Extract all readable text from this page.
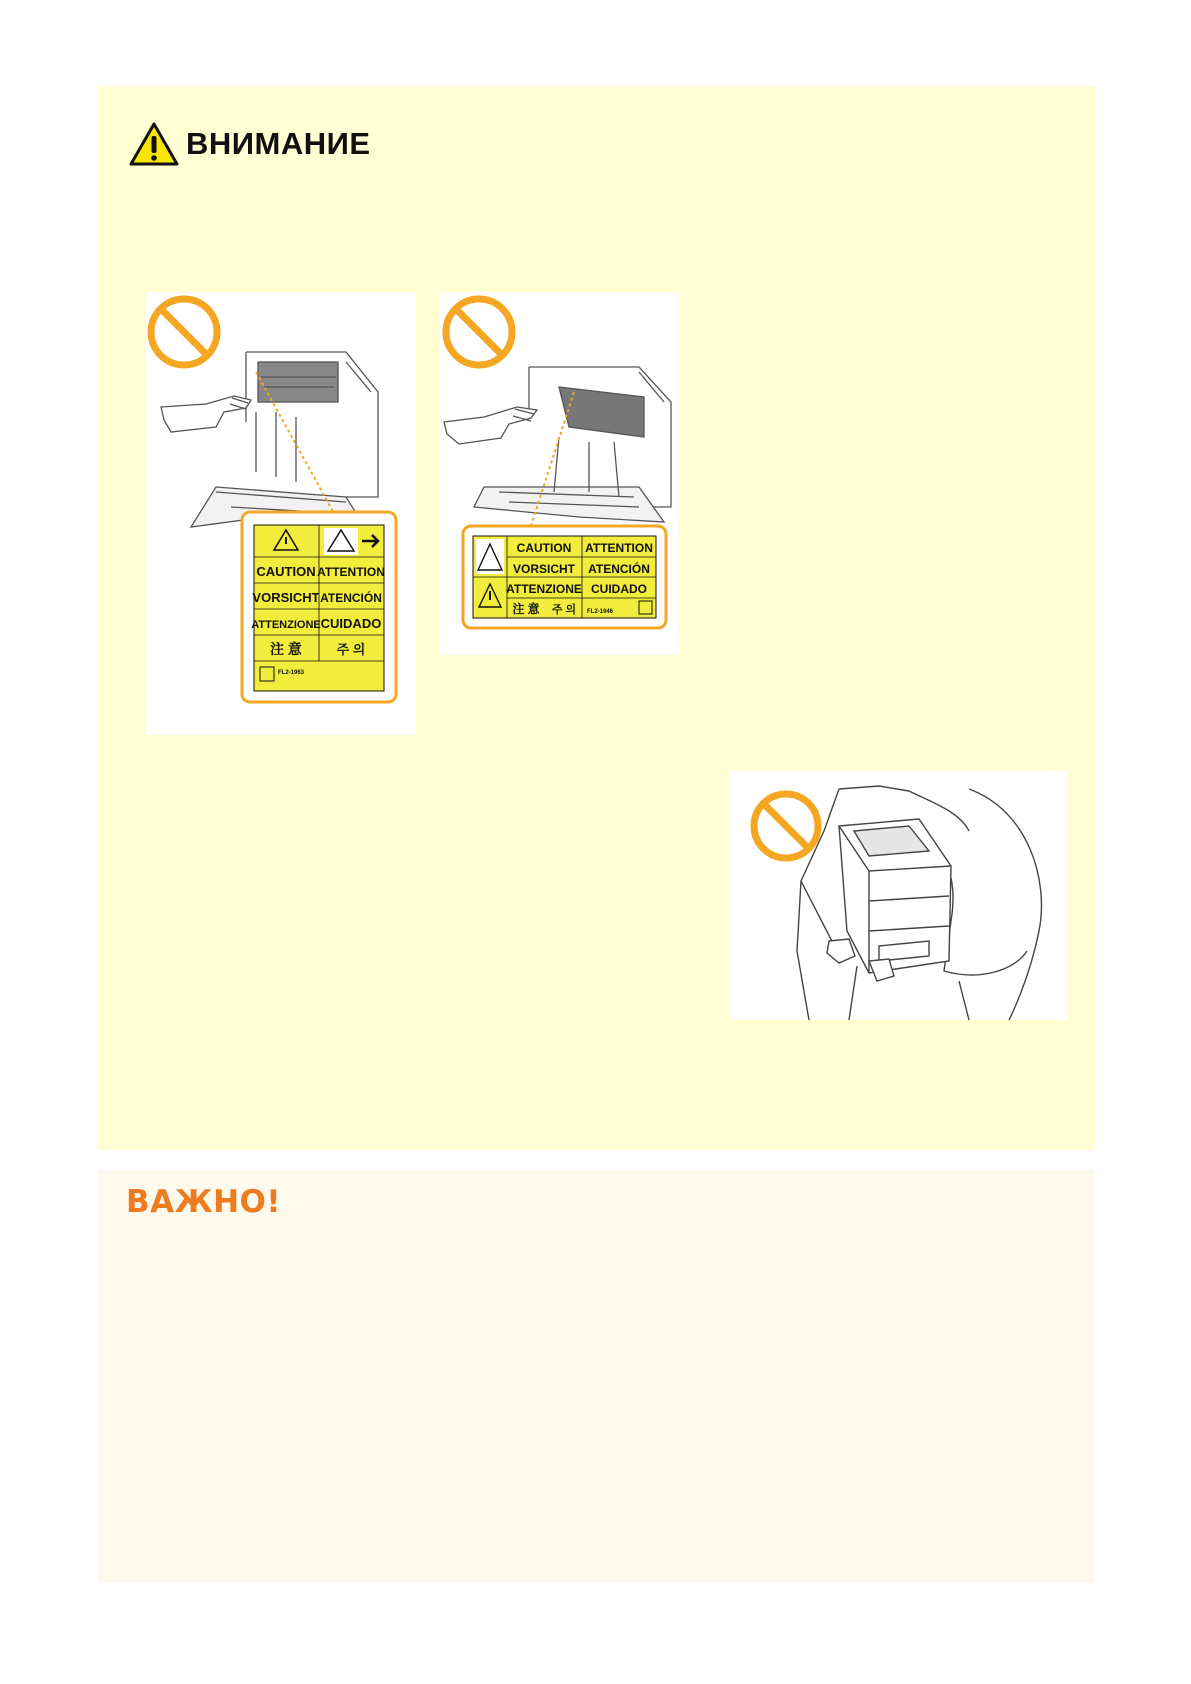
ВНИМАНИЕ
CAUTION ATTENTION
VORSICHT ATENCIÓN
ATTENZIONE CUIDADO
注 意	주 의
FL2-1963
CAUTION ATTENTION
VORSICHT ATENCIÓN
ATTENZIONE CUIDADO
注 意 주 의 FL2-1946
ВАЖНО!
